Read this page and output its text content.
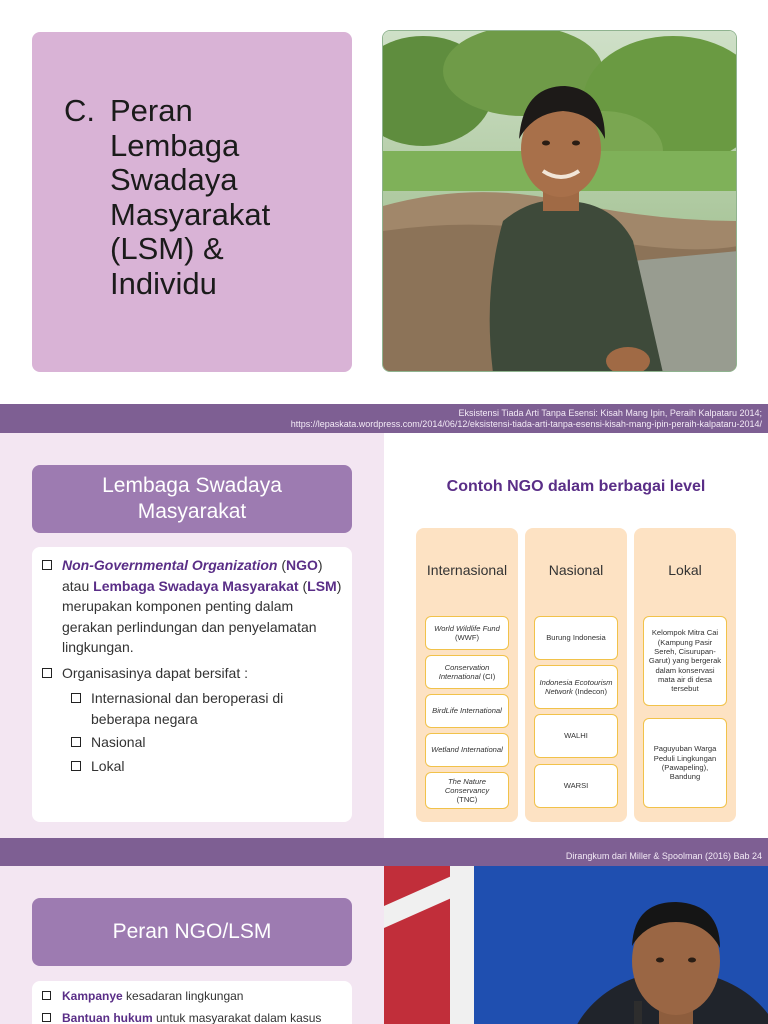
C. Peran
Lembaga
Swadaya
Masyarakat
(LSM) &
Individu
Eksistensi Tiada Arti Tanpa Esensi: Kisah Mang Ipin, Peraih Kalpataru 2014;
https://lepaskata.wordpress.com/2014/06/12/eksistensi-tiada-arti-tanpa-esensi-kisah-mang-ipin-peraih-kalpataru-2014/
Lembaga Swadaya
Masyarakat
Non-Governmental Organization (NGO) atau Lembaga Swadaya Masyarakat (LSM) merupakan komponen penting dalam gerakan perlindungan dan penyelamatan lingkungan.
Organisasinya dapat bersifat :
Internasional dan beroperasi di beberapa negara
Nasional
Lokal
Contoh NGO dalam berbagai level
Internasional
World Wildlife Fund (WWF)
Conservation International (CI)
BirdLife International
Wetland International
The Nature Conservancy
(TNC)
Nasional
Burung Indonesia
Indonesia Ecotourism Network (Indecon)
WALHI
WARSI
Lokal
Kelompok Mitra Cai (Kampung Pasir Sereh, Cisurupan-Garut) yang bergerak dalam konservasi mata air di desa tersebut
Paguyuban Warga Peduli Lingkungan (Pawapeling), Bandung
Dirangkum dari Miller & Spoolman (2016) Bab 24
Peran NGO/LSM
Kampanye kesadaran lingkungan
Bantuan hukum untuk masyarakat dalam kasus
